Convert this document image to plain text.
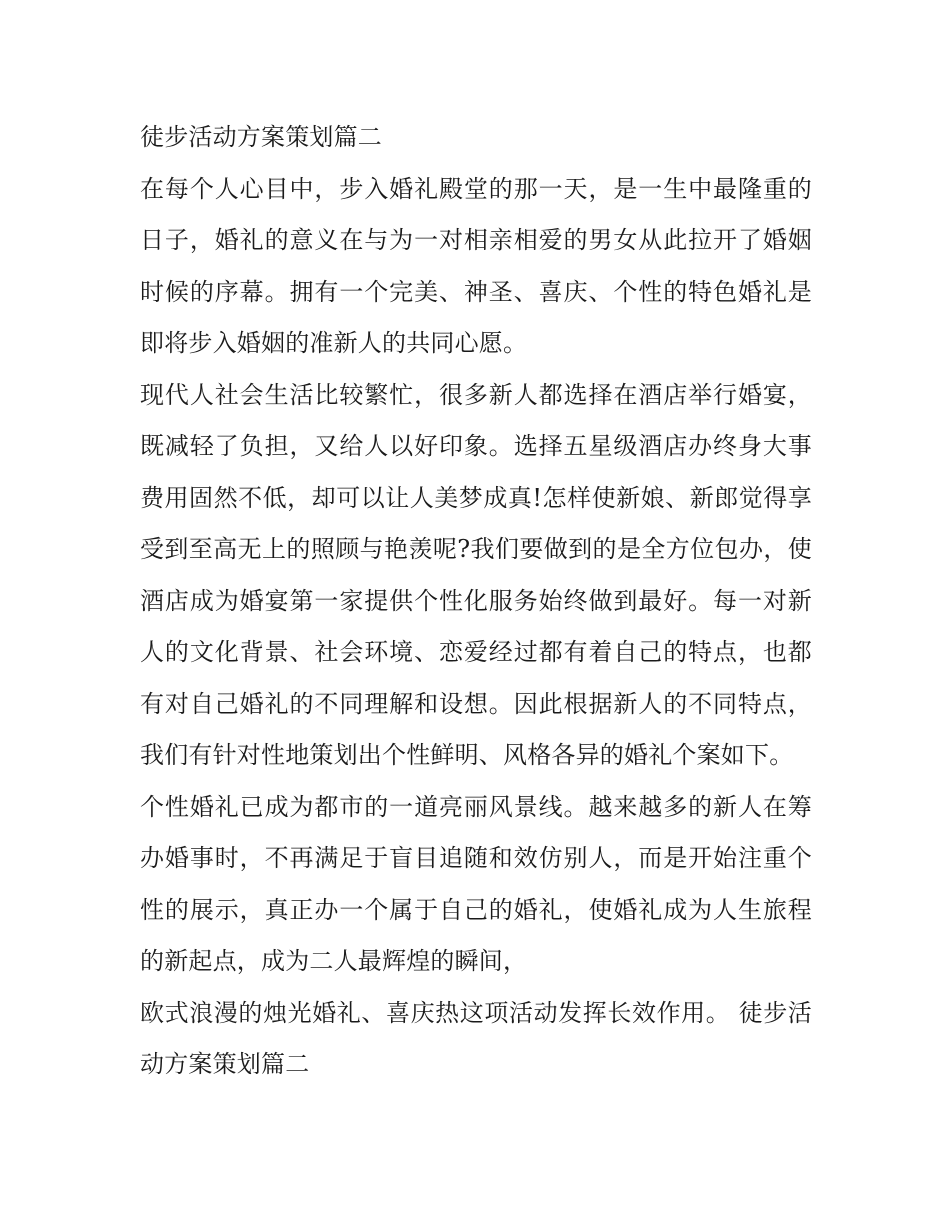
徒步活动方案策划篇二

在每个人心目中，步入婚礼殿堂的那一天，是一生中最隆重的日子，婚礼的意义在与为一对相亲相爱的男女从此拉开了婚姻时候的序幕。拥有一个完美、神圣、喜庆、个性的特色婚礼是即将步入婚姻的准新人的共同心愿。

现代人社会生活比较繁忙，很多新人都选择在酒店举行婚宴，既减轻了负担，又给人以好印象。选择五星级酒店办终身大事费用固然不低，却可以让人美梦成真!怎样使新娘、新郎觉得享受到至高无上的照顾与艳羡呢?我们要做到的是全方位包办，使酒店成为婚宴第一家提供个性化服务始终做到最好。每一对新人的文化背景、社会环境、恋爱经过都有着自己的特点，也都有对自己婚礼的不同理解和设想。因此根据新人的不同特点，我们有针对性地策划出个性鲜明、风格各异的婚礼个案如下。

个性婚礼已成为都市的一道亮丽风景线。越来越多的新人在筹办婚事时，不再满足于盲目追随和效仿别人，而是开始注重个性的展示，真正办一个属于自己的婚礼，使婚礼成为人生旅程的新起点，成为二人最辉煌的瞬间，

欧式浪漫的烛光婚礼、喜庆热这项活动发挥长效作用。 徒步活动方案策划篇二
